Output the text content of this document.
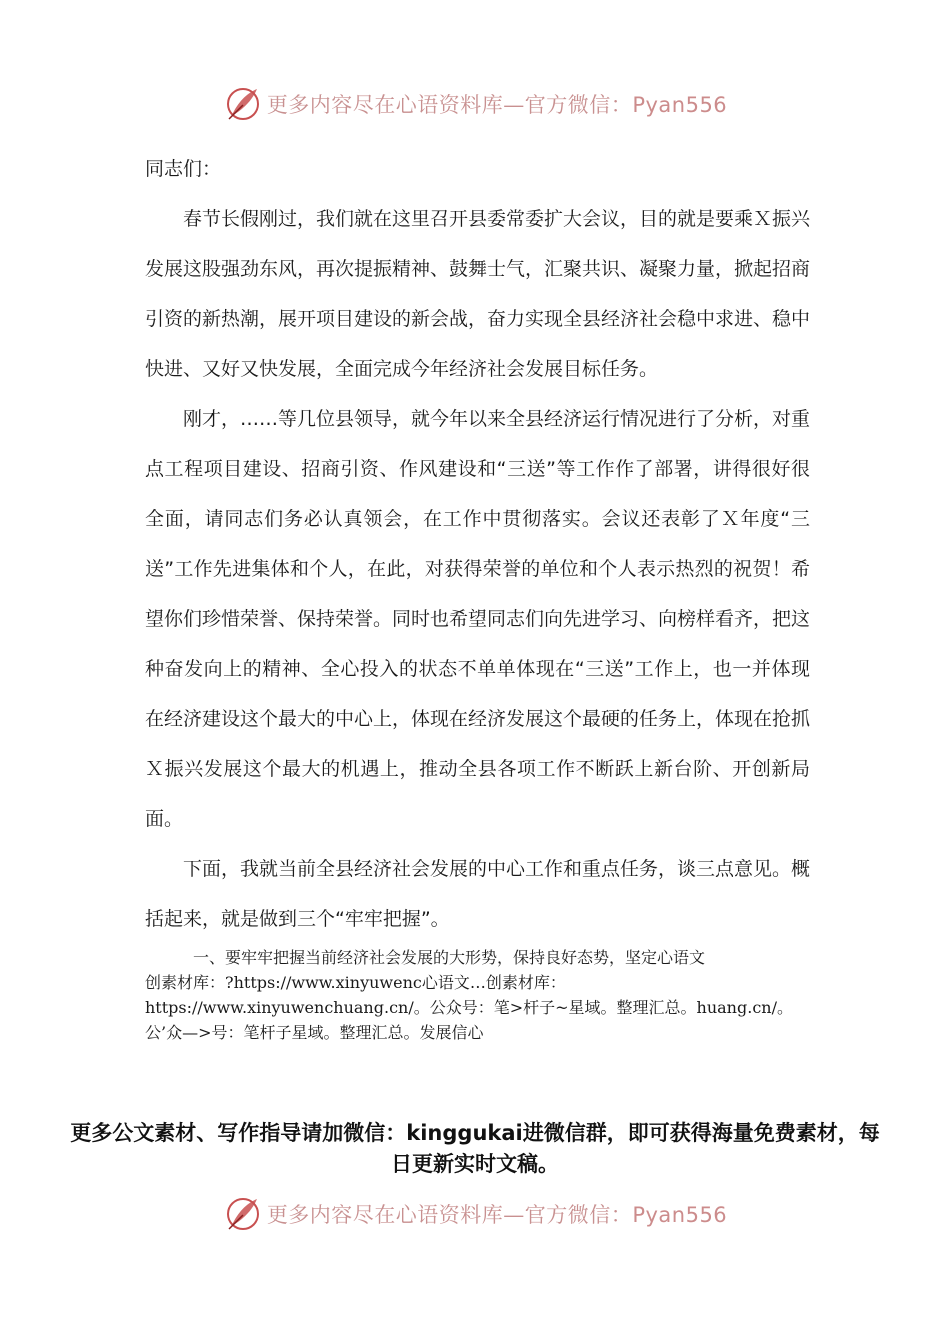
更多内容尽在心语资料库—官方微信：Pyan556

同志们：

春节长假刚过，我们就在这里召开县委常委扩大会议，目的就是要乘Ｘ振兴发展这股强劲东风，再次提振精神、鼓舞士气，汇聚共识、凝聚力量，掀起招商引资的新热潮，展开项目建设的新会战，奋力实现全县经济社会稳中求进、稳中快进、又好又快发展，全面完成今年经济社会发展目标任务。

刚才，……等几位县领导，就今年以来全县经济运行情况进行了分析，对重点工程项目建设、招商引资、作风建设和“三送”等工作作了部署，讲得很好很全面，请同志们务必认真领会，在工作中贯彻落实。会议还表彰了Ｘ年度“三送”工作先进集体和个人，在此，对获得荣誉的单位和个人表示热烈的祝贺！希望你们珍惜荣誉、保持荣誉。同时也希望同志们向先进学习、向榜样看齐，把这种奋发向上的精神、全心投入的状态不单单体现在“三送”工作上，也一并体现在经济建设这个最大的中心上，体现在经济发展这个最硬的任务上，体现在抢抓Ｘ振兴发展这个最大的机遇上，推动全县各项工作不断跃上新台阶、开创新局面。

下面，我就当前全县经济社会发展的中心工作和重点任务，谈三点意见。概括起来，就是做到三个“牢牢把握”。

一、要牢牢把握当前经济社会发展的大形势，保持良好态势，坚定心语文
创素材库：?https://www.xinyuwenc心语文…创素材库：https://www.xinyuwenchuang.cn/。公众号：笔>杆子~星域。整理汇总。huang.cn/。公’众—>号：笔杆子星域。整理汇总。发展信心

更多公文素材、写作指导请加微信：kinggukai进微信群，即可获得海量免费素材，每日更新实时文稿。

更多内容尽在心语资料库—官方微信：Pyan556
